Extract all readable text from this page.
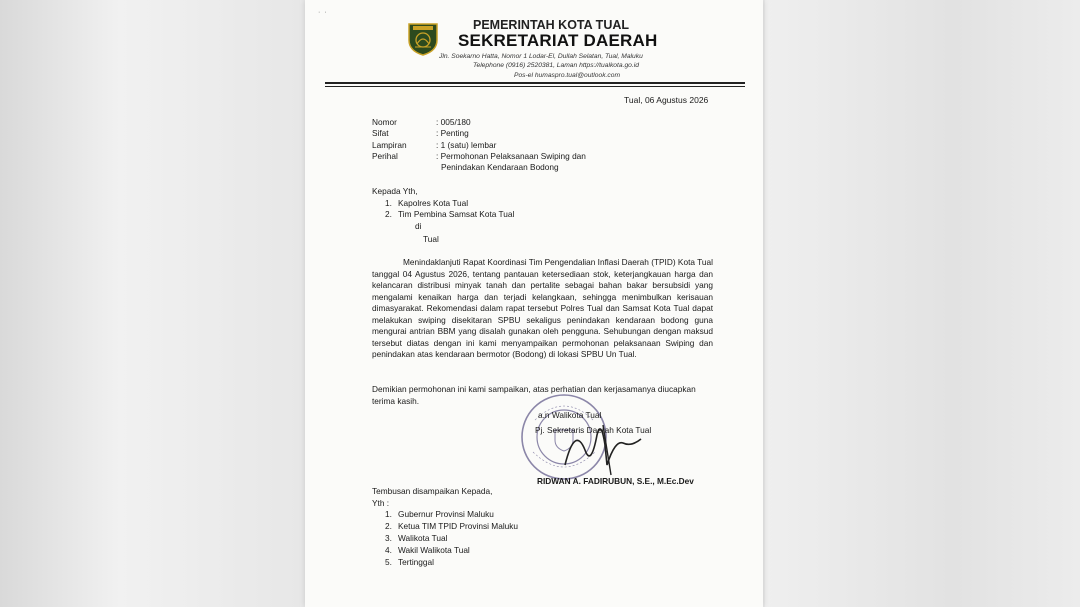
· ·
PEMERINTAH KOTA TUAL
SEKRETARIAT DAERAH
Jln. Soekarno Hatta, Nomor 1 Lodar-El, Dullah Selatan, Tual, Maluku
Telephone (0916) 2520381, Laman https://tualkota.go.id
Pos-el humaspro.tual@outlook.com
Tual, 06 Agustus 2026
Nomor	: 005/180
Sifat	: Penting
Lampiran	: 1 (satu) lembar
Perihal	: Permohonan Pelaksanaan Swiping dan
Penindakan Kendaraan Bodong
Kepada Yth,
1. Kapolres Kota Tual
2. Tim Pembina Samsat Kota Tual
di
Tual
Menindaklanjuti Rapat Koordinasi Tim Pengendalian Inflasi Daerah (TPID) Kota Tual tanggal 04 Agustus 2026, tentang pantauan ketersediaan stok, keterjangkauan harga dan kelancaran distribusi minyak tanah dan pertalite sebagai bahan bakar bersubsidi yang mengalami kenaikan harga dan terjadi kelangkaan, sehingga menimbulkan kerisauan dimasyarakat. Rekomendasi dalam rapat tersebut Polres Tual dan Samsat Kota Tual dapat melakukan swiping disekitaran SPBU sekaligus penindakan kendaraan bodong guna mengurai antrian BBM yang disalah gunakan oleh pengguna. Sehubungan dengan maksud tersebut diatas dengan ini kami menyampaikan permohonan pelaksanaan Swiping dan penindakan atas kendaraan bermotor (Bodong) di lokasi SPBU Un Tual.
Demikian permohonan ini kami sampaikan, atas perhatian dan kerjasamanya diucapkan terima kasih.
a.n Walikota Tual
Pj. Sekretaris Daerah Kota Tual
RIDWAN A. FADIRUBUN, S.E., M.Ec.Dev
Tembusan disampaikan Kepada,
Yth :
1. Gubernur Provinsi Maluku
2. Ketua TIM TPID Provinsi Maluku
3. Walikota Tual
4. Wakil Walikota Tual
5. Tertinggal
